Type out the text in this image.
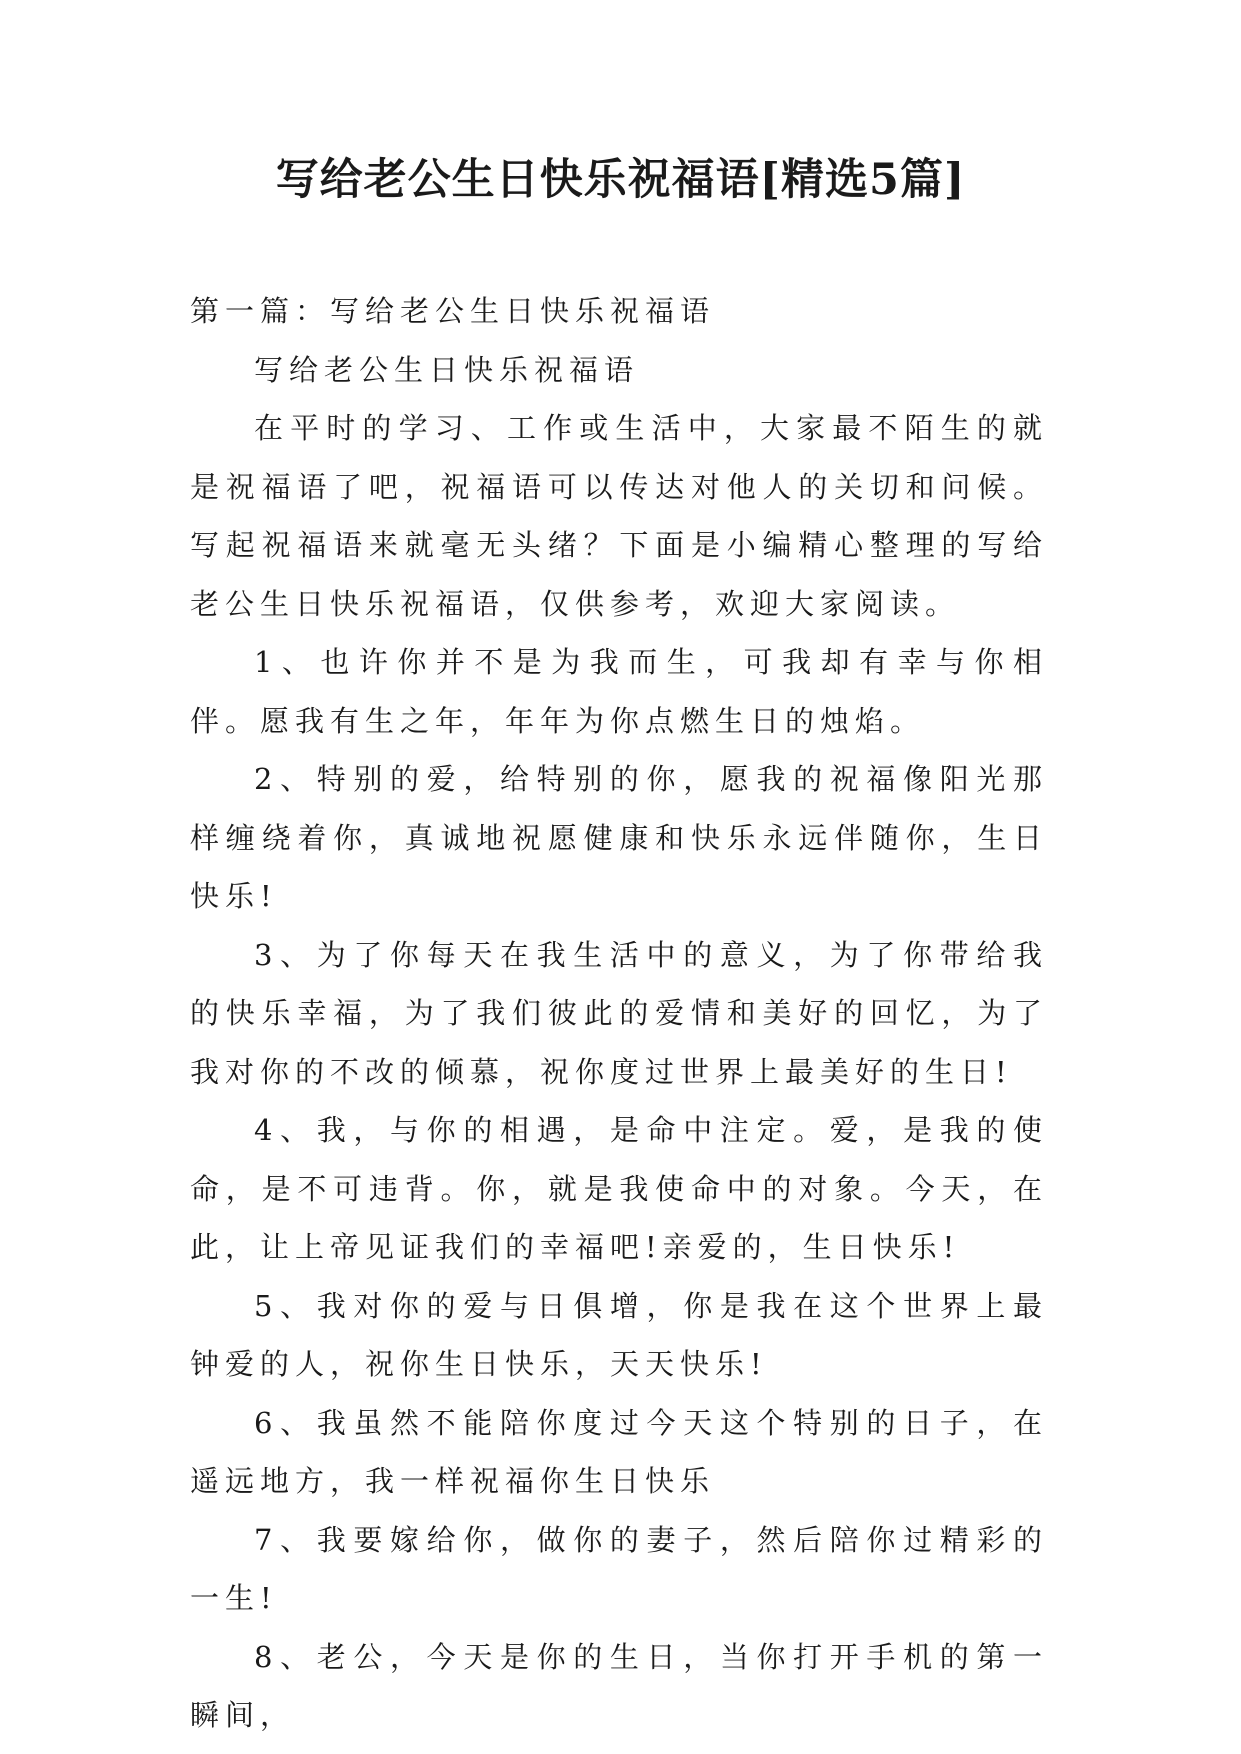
写给老公生日快乐祝福语[精选5篇]

第一篇：写给老公生日快乐祝福语

写给老公生日快乐祝福语

在平时的学习、工作或生活中，大家最不陌生的就是祝福语了吧，祝福语可以传达对他人的关切和问候。写起祝福语来就毫无头绪？下面是小编精心整理的写给老公生日快乐祝福语，仅供参考，欢迎大家阅读。

1、也许你并不是为我而生，可我却有幸与你相伴。愿我有生之年，年年为你点燃生日的烛焰。

2、特别的爱，给特别的你，愿我的祝福像阳光那样缠绕着你，真诚地祝愿健康和快乐永远伴随你，生日快乐!

3、为了你每天在我生活中的意义，为了你带给我的快乐幸福，为了我们彼此的爱情和美好的回忆，为了我对你的不改的倾慕，祝你度过世界上最美好的生日!

4、我，与你的相遇，是命中注定。爱，是我的使命，是不可违背。你，就是我使命中的对象。今天，在此，让上帝见证我们的幸福吧!亲爱的，生日快乐!

5、我对你的爱与日俱增，你是我在这个世界上最钟爱的人，祝你生日快乐，天天快乐!

6、我虽然不能陪你度过今天这个特别的日子，在遥远地方，我一样祝福你生日快乐

7、我要嫁给你，做你的妻子，然后陪你过精彩的一生!

8、老公，今天是你的生日，当你打开手机的第一瞬间，
